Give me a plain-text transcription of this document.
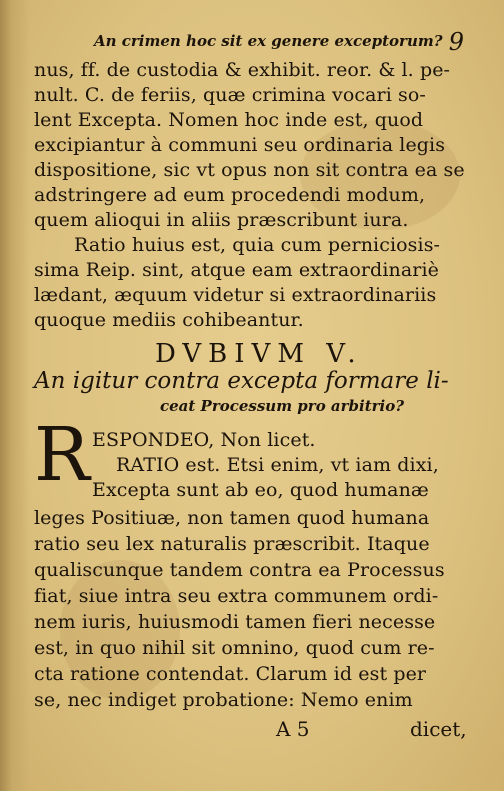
An crimen hoc sit ex genere exceptorum? 9
nus, ff. de custodia & exhibit. reor. & l. pe-
nult. C. de feriis, quæ crimina vocari so-
lent Excepta. Nomen hoc inde est, quod
excipiantur à communi seu ordinaria legis
dispositione, sic vt opus non sit contra ea se
adstringere ad eum procedendi modum,
quem alioqui in aliis præscribunt iura.
Ratio huius est, quia cum perniciosis-
sima Reip. sint, atque eam extraordinariè
lædant, æquum videtur si extraordinariis
quoque mediis cohibeantur.
DVBIVM V.
An igitur contra excepta formare li-
ceat Processum pro arbitrio?
R ESPONDEO, Non licet.
RATIO est. Etsi enim, vt iam dixi,
Excepta sunt ab eo, quod humanæ
leges Positiuæ, non tamen quod humana
ratio seu lex naturalis præscribit. Itaque
qualiscunque tandem contra ea Processus
fiat, siue intra seu extra communem ordi-
nem iuris, huiusmodi tamen fieri necesse
est, in quo nihil sit omnino, quod cum re-
cta ratione contendat. Clarum id est per
se, nec indiget probatione: Nemo enim
A 5	dicet,
